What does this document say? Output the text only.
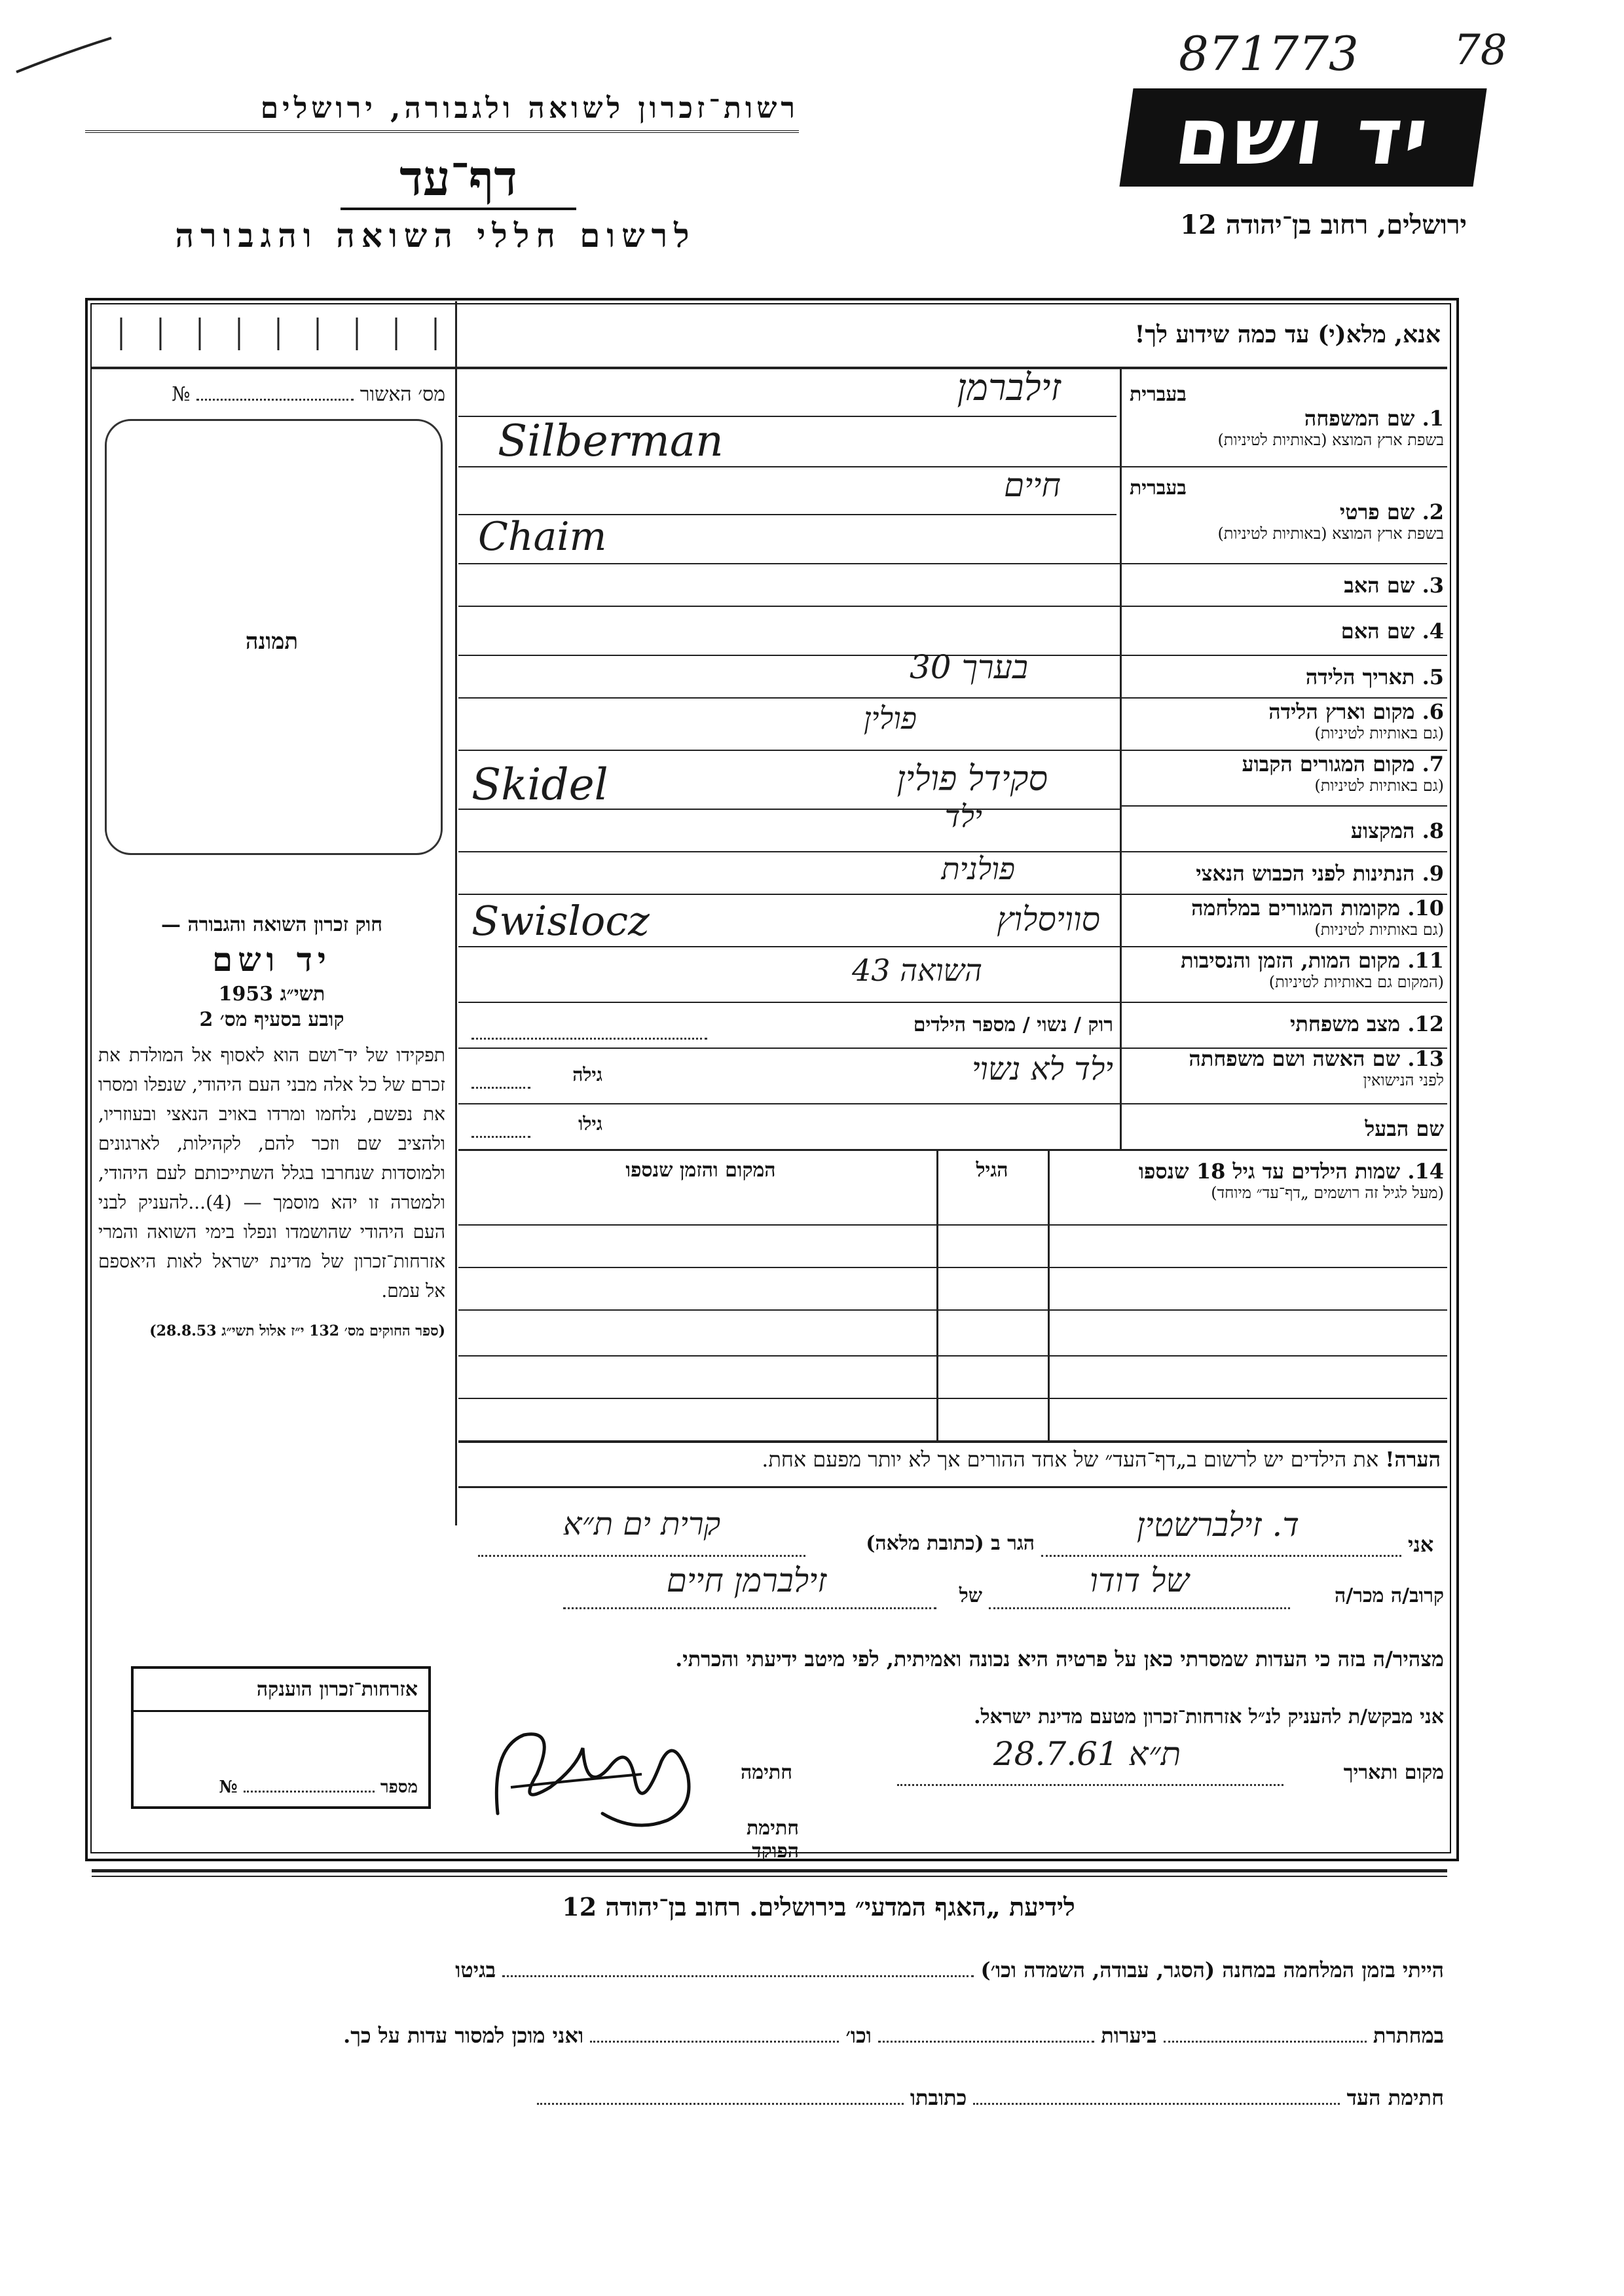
רשות־זכרון לשואה ולגבורה, ירושלים
דף־עד
לרשום חללי השואה והגבורה
871773 78
יד ושם
ירושלים, רחוב בן־יהודה 12
אנא, מלא(י) עד כמה שידוע לך!
מס׳ האשור  №
תמונה
בעברית
1. שם המשפחה
בשפת ארץ המוצא (באותיות לטיניות)
זילברמן
Silberman
בעברית
2. שם פרטי
בשפת ארץ המוצא (באותיות לטיניות)
חיים
Chaim
3. שם האב
4. שם האם
5. תאריך הלידה
בערך 30
6. מקום וארץ הלידה
(גם באותיות לטיניות)
פולין
7. מקום המגורים הקבוע
(גם באותיות לטיניות)
Skidel	סקידל פולין
8. המקצוע
ילד
9. הנתינות לפני הכבוש הנאצי
פולנית
10. מקומות המגורים במלחמה
(גם באותיות לטיניות)
Swislocz	סוויסלוץ
11. מקום המות, הזמן והנסיבות
(המקום גם באותיות לטיניות)
השואה 43
12. מצב משפחתי
רוק / נשוי / מספר הילדים
13. שם האשה ושם משפחתה
לפני הנישואין
ילד לא נשוי
גילה
שם הבעל
גילו
14. שמות הילדים עד גיל 18 שנספו
(מעל לגיל זה רושמים „דף־עד״ מיוחד)
הגיל
המקום והזמן שנספו
חוק זכרון השואה והגבורה —
יד ושם
תשי״ג 1953
קובע בסעיף מס׳ 2
תפקידו של יד־ושם הוא לאסוף אל המולדת את זכרם של כל אלה מבני העם היהודי, שנפלו ומסרו את נפשם, נלחמו ומרדו באויב הנאצי ובעוזריו, ולהציב שם וזכר להם, לקהילות, לארגונים ולמוסדות שנחרבו בגלל השתייכותם לעם היהודי, ולמטרה זו יהא מוסמך — (4)...להעניק לבני העם היהודי שהושמדו ונפלו בימי השואה והמרי אזרחות־זכרון של מדינת ישראל לאות היאספם אל עמם.
(ספר החוקים מס׳ 132 י״ז אלול תשי״ג 28.8.53)
הערה! את הילדים יש לרשום ב„דף־העד״ של אחד ההורים אך לא יותר מפעם אחת.
אני
ד. זילברשטין
הגר ב (כתובת מלאה)
קרית ים ת״א
קרוב/ה מכר/ה
של דודו
של
זילברמן חיים
מצהיר/ה בזה כי העדות שמסרתי כאן על פרטיה היא נכונה ואמיתית, לפי מיטב ידיעתי והכרתי.
אזרחות־זכרון הוענקה
מספר  №
אני מבקש/ת להעניק לנ״ל אזרחות־זכרון מטעם מדינת ישראל.
מקום ותאריך
ת״א 28.7.61
חתימה
חתימת הפוקד
לידיעת „האגף המדעי״ בירושלים. רחוב בן־יהודה 12
הייתי בזמן המלחמה במחנה (הסגר, עבודה, השמדה וכו׳)  בגיטו
במחתרת  ביערות  וכו׳  ואני מוכן למסור עדות על כך.
חתימת העד  כתובתו
